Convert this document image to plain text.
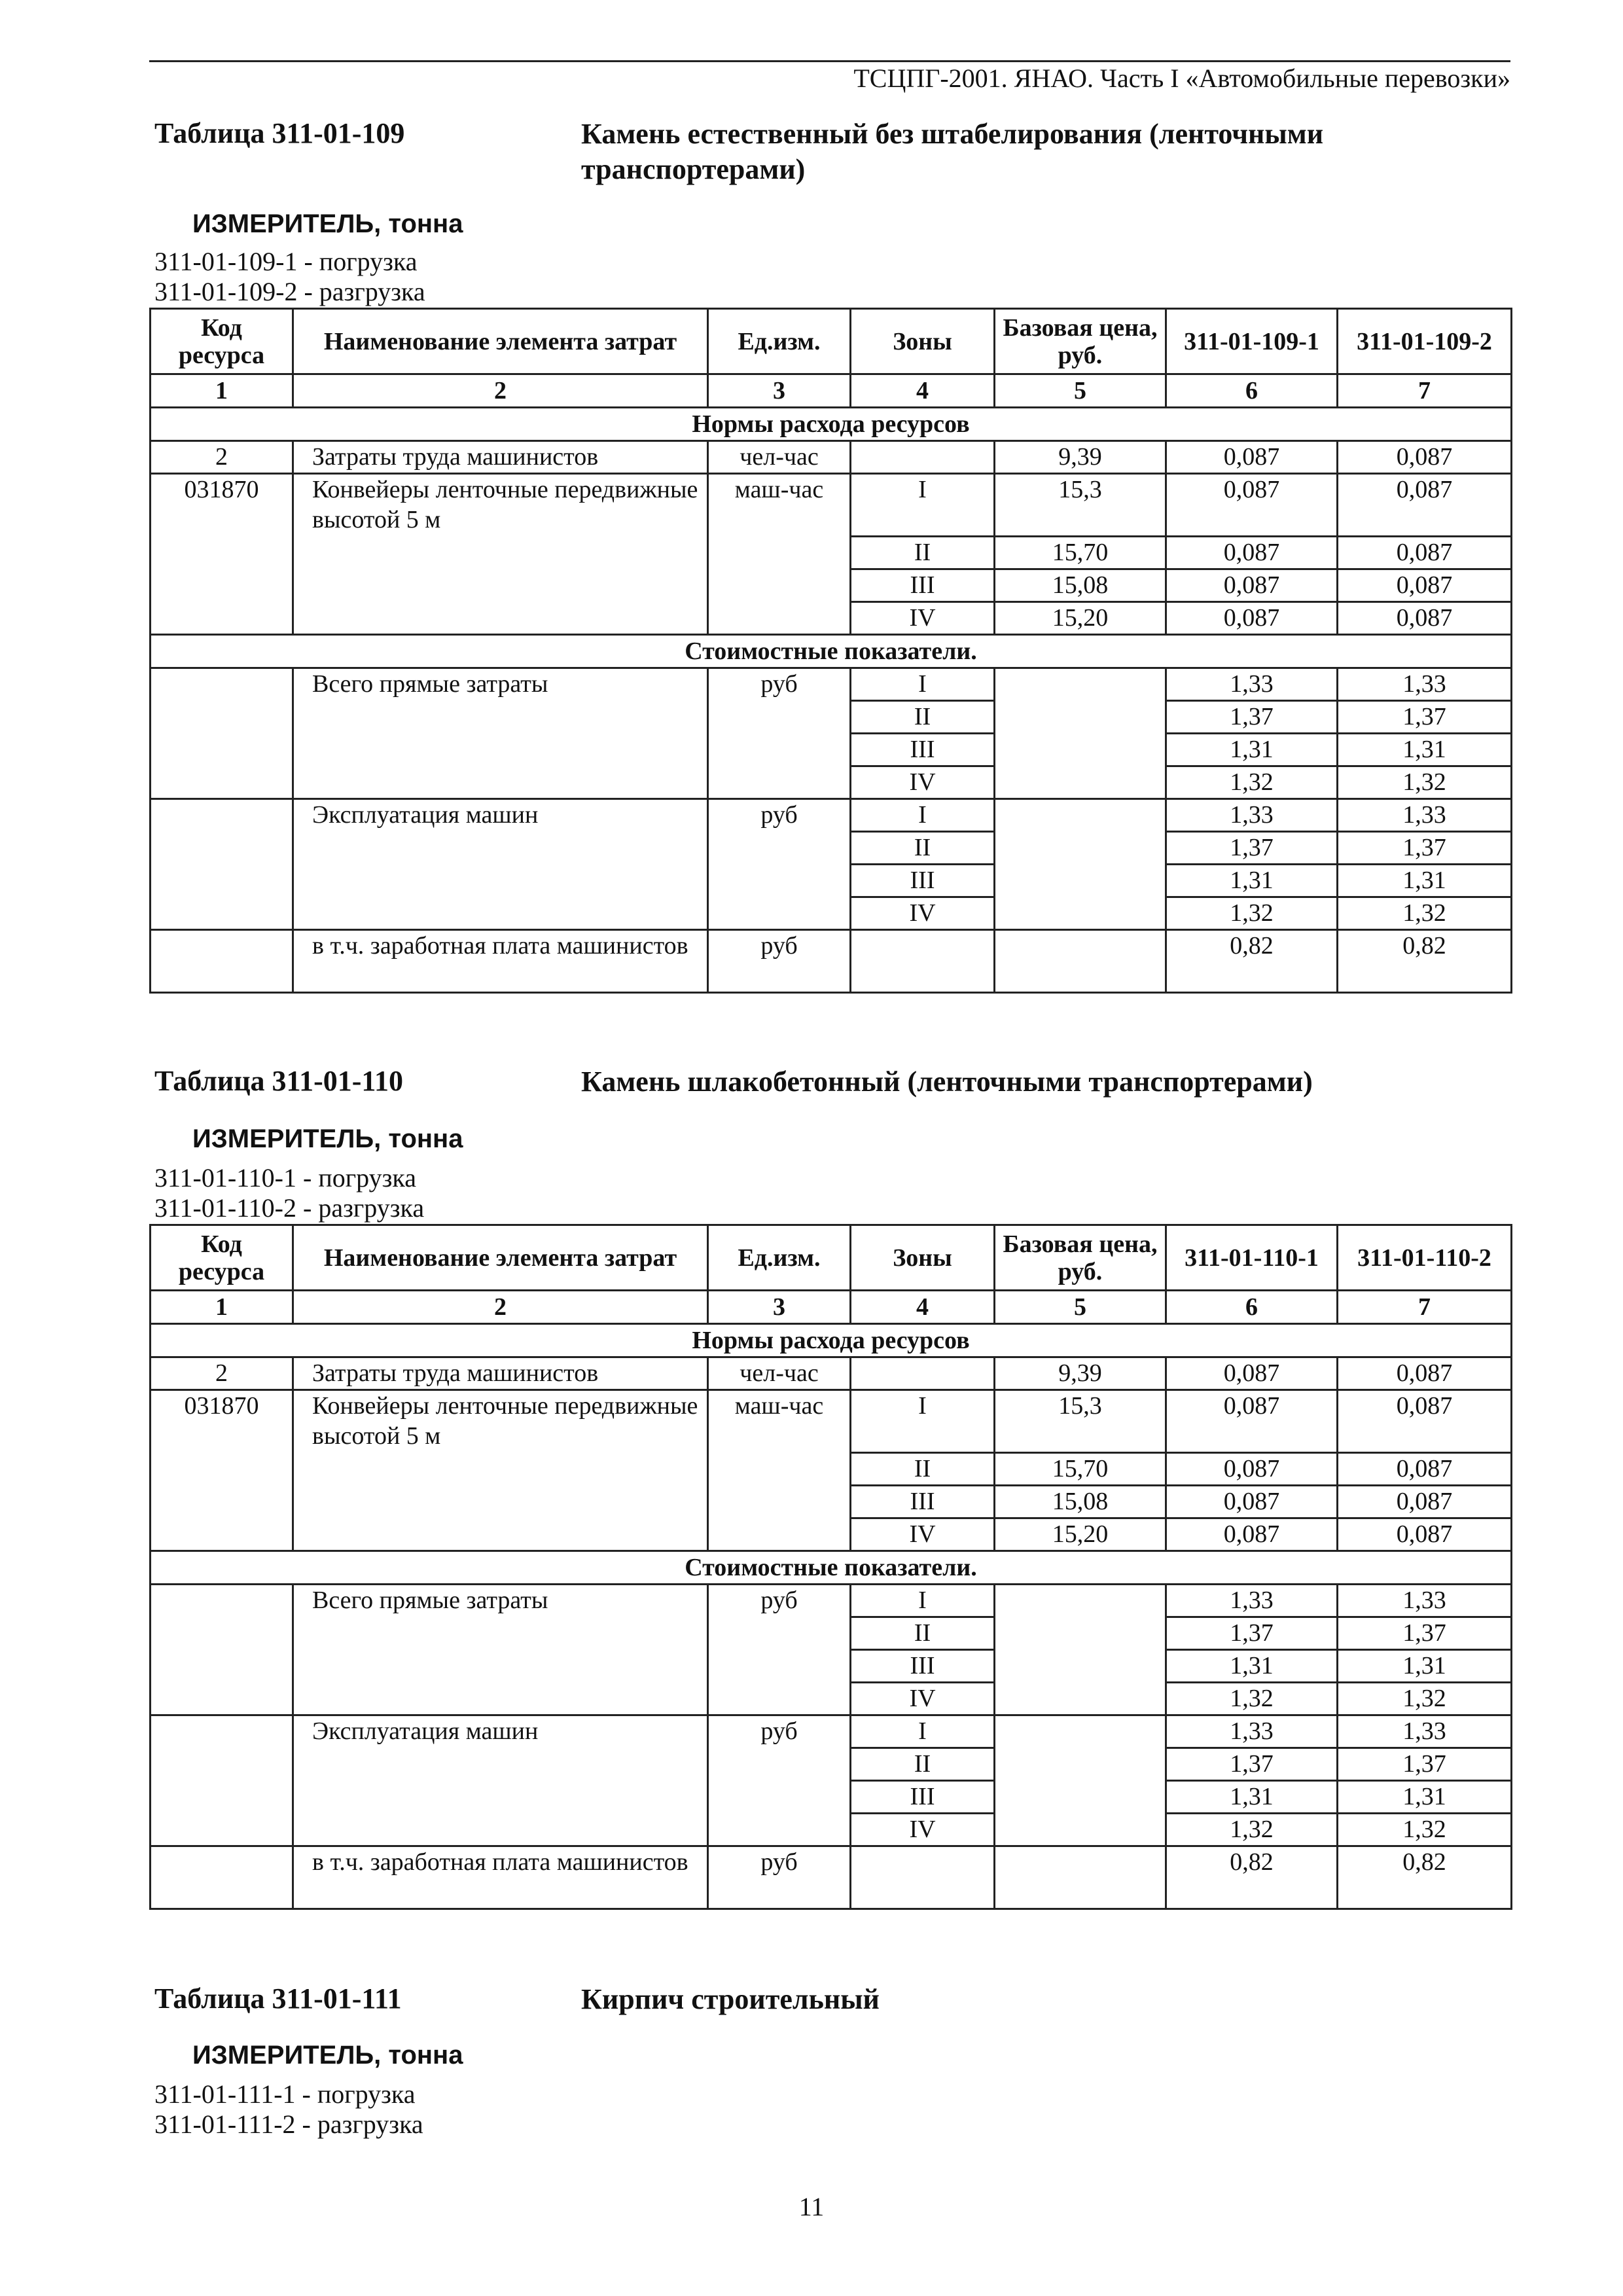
ТСЦПГ-2001. ЯНАО. Часть I «Автомобильные перевозки»
Таблица 311-01-109	Камень естественный без штабелирования (ленточными транспортерами)
ИЗМЕРИТЕЛЬ, тонна
311-01-109-1 - погрузка
311-01-109-2 - разгрузка
Код ресурса	Наименование элемента затрат	Ед.изм.	Зоны	Базовая цена, руб.	311-01-109-1	311-01-109-2
1	2	3	4	5	6	7
Нормы расхода ресурсов						
2	Затраты труда машинистов	чел-час		9,39	0,087	0,087
031870	Конвейеры ленточные передвижные высотой 5 м	маш-час	I	15,3	0,087	0,087
			II	15,70	0,087	0,087
			III	15,08	0,087	0,087
			IV	15,20	0,087	0,087
Стоимостные показатели.						
	Всего прямые затраты	руб	I		1,33	1,33
			II		1,37	1,37
			III		1,31	1,31
			IV		1,32	1,32
	Эксплуатация машин	руб	I		1,33	1,33
			II		1,37	1,37
			III		1,31	1,31
			IV		1,32	1,32
	в т.ч. заработная плата машинистов	руб			0,82	0,82
Таблица 311-01-110	Камень шлакобетонный (ленточными транспортерами)
ИЗМЕРИТЕЛЬ, тонна
311-01-110-1 - погрузка
311-01-110-2 - разгрузка
Код ресурса	Наименование элемента затрат	Ед.изм.	Зоны	Базовая цена, руб.	311-01-110-1	311-01-110-2
1	2	3	4	5	6	7
Нормы расхода ресурсов						
2	Затраты труда машинистов	чел-час		9,39	0,087	0,087
031870	Конвейеры ленточные передвижные высотой 5 м	маш-час	I	15,3	0,087	0,087
			II	15,70	0,087	0,087
			III	15,08	0,087	0,087
			IV	15,20	0,087	0,087
Стоимостные показатели.						
	Всего прямые затраты	руб	I		1,33	1,33
			II		1,37	1,37
			III		1,31	1,31
			IV		1,32	1,32
	Эксплуатация машин	руб	I		1,33	1,33
			II		1,37	1,37
			III		1,31	1,31
			IV		1,32	1,32
	в т.ч. заработная плата машинистов	руб			0,82	0,82
Таблица 311-01-111	Кирпич строительный
ИЗМЕРИТЕЛЬ, тонна
311-01-111-1 - погрузка
311-01-111-2 - разгрузка
11
